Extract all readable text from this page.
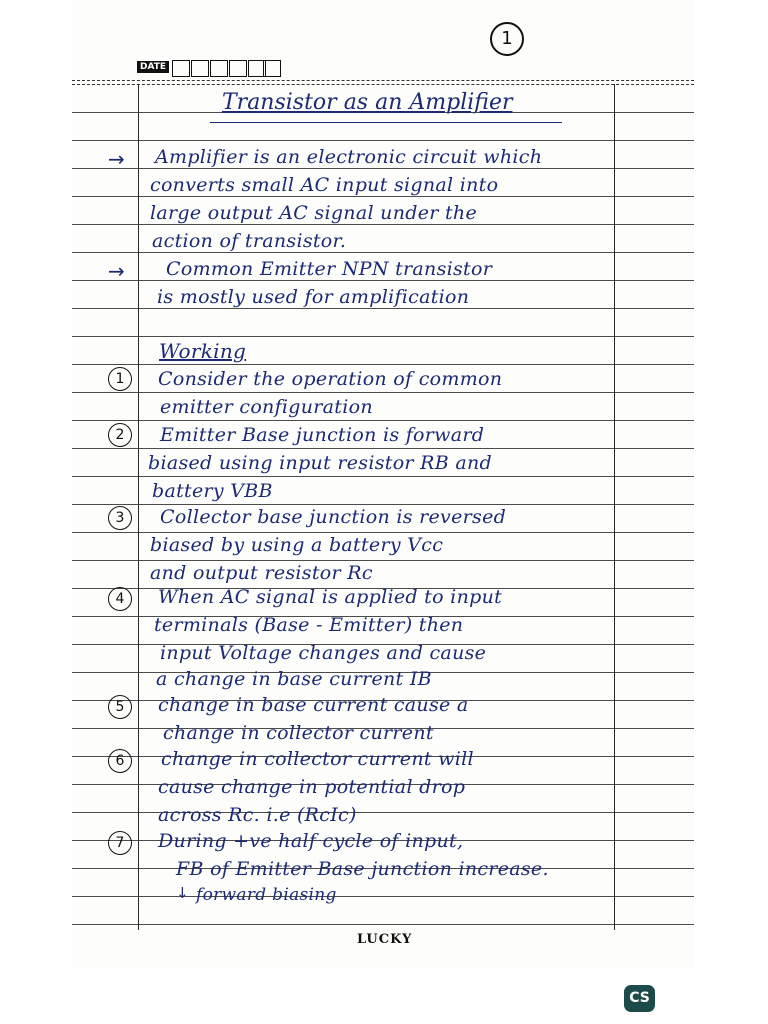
1
DATE
Transistor as an Amplifier
→ Amplifier is an electronic circuit which
converts small AC input signal into
large output AC signal under the
action of transistor.
→ Common Emitter NPN transistor
is mostly used for amplification
Working
1	Consider the operation of common
emitter configuration
2	Emitter Base junction is forward
biased using input resistor RB and
battery VBB
3	Collector base junction is reversed
biased by using a battery Vcc
and output resistor Rc
4	When AC signal is applied to input
terminals (Base - Emitter) then
input Voltage changes and cause
a change in base current IB
5	change in base current cause a
change in collector current
6	change in collector current will
cause change in potential drop
across Rc. i.e (RcIc)
7	During +ve half cycle of input,
FB of Emitter Base junction increase.
↓ forward biasing
LUCKY
CS
